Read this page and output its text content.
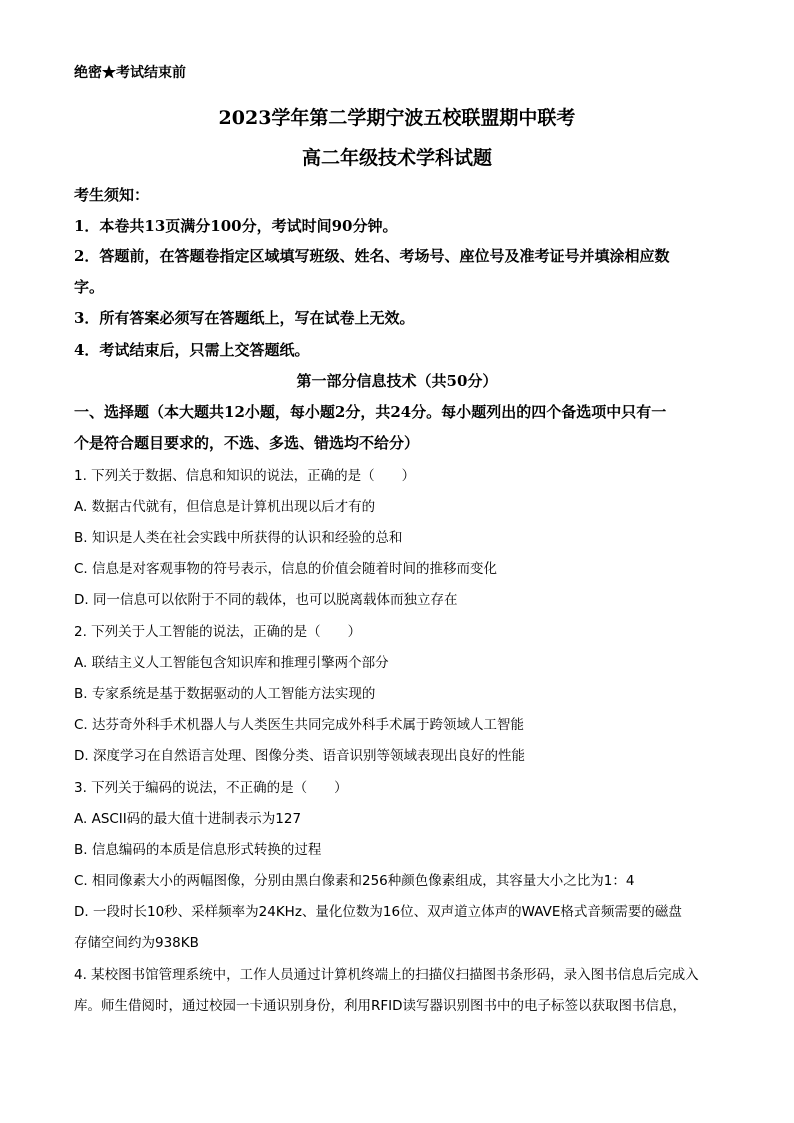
绝密★考试结束前
2023学年第二学期宁波五校联盟期中联考
高二年级技术学科试题
考生须知：
1．本卷共13页满分100分，考试时间90分钟。
2．答题前，在答题卷指定区域填写班级、姓名、考场号、座位号及准考证号并填涂相应数
字。
3．所有答案必须写在答题纸上，写在试卷上无效。
4．考试结束后，只需上交答题纸。
第一部分信息技术（共50分）
一、选择题（本大题共12小题，每小题2分，共24分。每小题列出的四个备选项中只有一
个是符合题目要求的，不选、多选、错选均不给分）
1. 下列关于数据、信息和知识的说法，正确的是（　　）
A. 数据古代就有，但信息是计算机出现以后才有的
B. 知识是人类在社会实践中所获得的认识和经验的总和
C. 信息是对客观事物的符号表示，信息的价值会随着时间的推移而变化
D. 同一信息可以依附于不同的载体，也可以脱离载体而独立存在
2. 下列关于人工智能的说法，正确的是（　　）
A. 联结主义人工智能包含知识库和推理引擎两个部分
B. 专家系统是基于数据驱动的人工智能方法实现的
C. 达芬奇外科手术机器人与人类医生共同完成外科手术属于跨领域人工智能
D. 深度学习在自然语言处理、图像分类、语音识别等领域表现出良好的性能
3. 下列关于编码的说法，不正确的是（　　）
A. ASCII码的最大值十进制表示为127
B. 信息编码的本质是信息形式转换的过程
C. 相同像素大小的两幅图像，分别由黑白像素和256种颜色像素组成，其容量大小之比为1：4
D. 一段时长10秒、采样频率为24KHz、量化位数为16位、双声道立体声的WAVE格式音频需要的磁盘
存储空间约为938KB
4. 某校图书馆管理系统中，工作人员通过计算机终端上的扫描仪扫描图书条形码，录入图书信息后完成入
库。师生借阅时，通过校园一卡通识别身份，利用RFID读写器识别图书中的电子标签以获取图书信息，
